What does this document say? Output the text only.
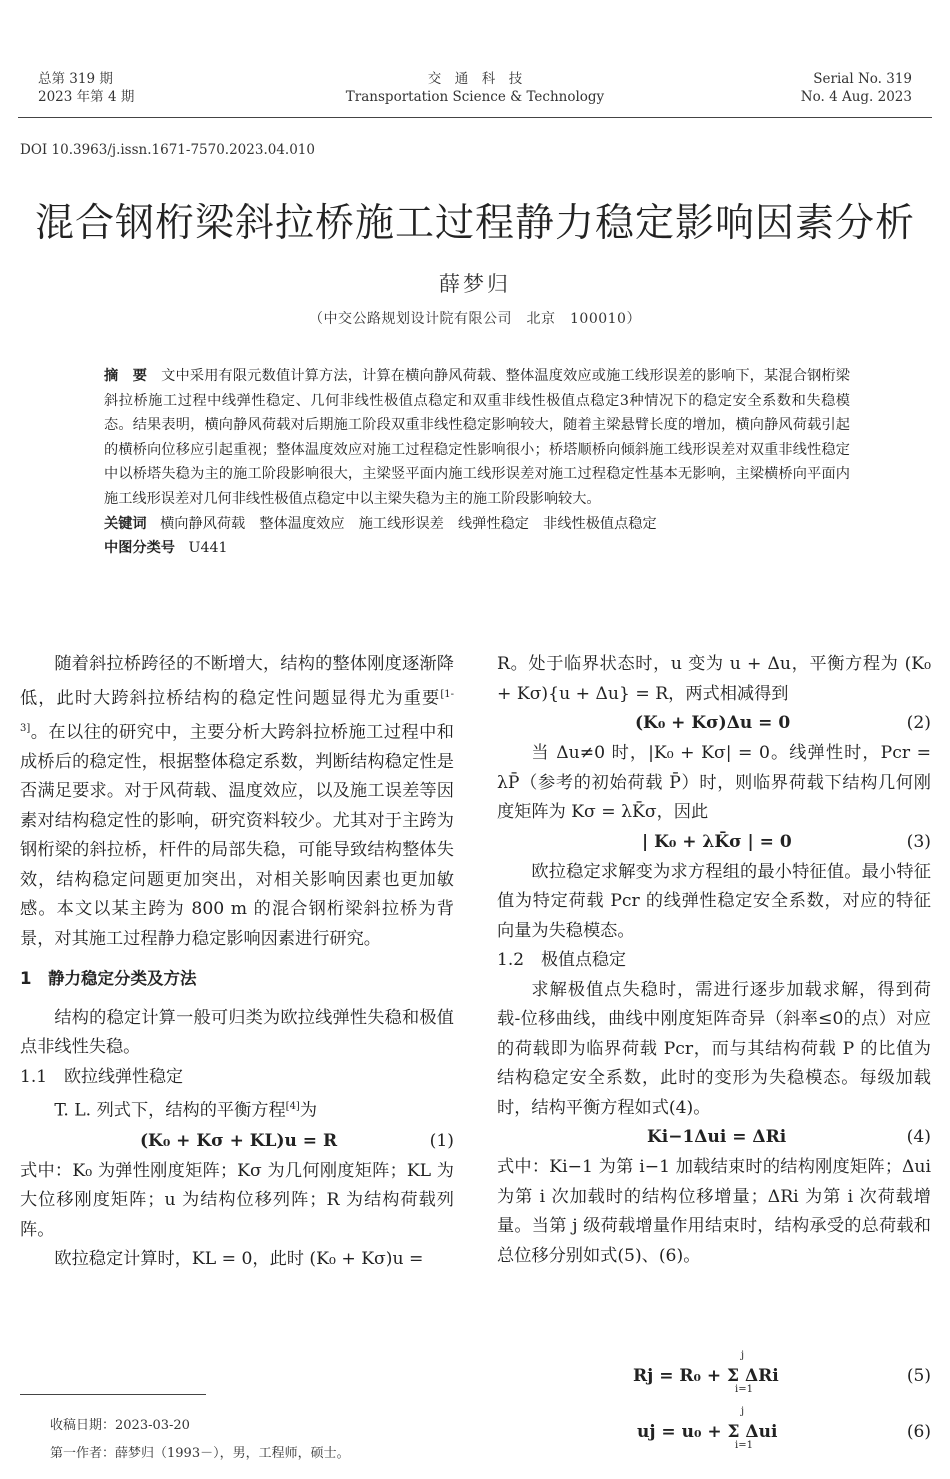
总第 319 期
2023 年第 4 期
交　通　科　技
Transportation Science & Technology
Serial No. 319
No. 4 Aug. 2023
DOI 10.3963/j.issn.1671-7570.2023.04.010
混合钢桁梁斜拉桥施工过程静力稳定影响因素分析
薛梦归
（中交公路规划设计院有限公司　北京　100010）
摘　要 文中采用有限元数值计算方法，计算在横向静风荷载、整体温度效应或施工线形误差的影响下，某混合钢桁梁斜拉桥施工过程中线弹性稳定、几何非线性极值点稳定和双重非线性极值点稳定3种情况下的稳定安全系数和失稳模态。结果表明，横向静风荷载对后期施工阶段双重非线性稳定影响较大，随着主梁悬臂长度的增加，横向静风荷载引起的横桥向位移应引起重视；整体温度效应对施工过程稳定性影响很小；桥塔顺桥向倾斜施工线形误差对双重非线性稳定中以桥塔失稳为主的施工阶段影响很大，主梁竖平面内施工线形误差对施工过程稳定性基本无影响，主梁横桥向平面内施工线形误差对几何非线性极值点稳定中以主梁失稳为主的施工阶段影响较大。
关键词 横向静风荷载　整体温度效应　施工线形误差　线弹性稳定　非线性极值点稳定
中图分类号 U441

随着斜拉桥跨径的不断增大，结构的整体刚度逐渐降低，此时大跨斜拉桥结构的稳定性问题显得尤为重要[1-3]。在以往的研究中，主要分析大跨斜拉桥施工过程中和成桥后的稳定性，根据整体稳定系数，判断结构稳定性是否满足要求。对于风荷载、温度效应，以及施工误差等因素对结构稳定性的影响，研究资料较少。尤其对于主跨为钢桁梁的斜拉桥，杆件的局部失稳，可能导致结构整体失效，结构稳定问题更加突出，对相关影响因素也更加敏感。本文以某主跨为 800 m 的混合钢桁梁斜拉桥为背景，对其施工过程静力稳定影响因素进行研究。

1　静力稳定分类及方法

结构的稳定计算一般可归类为欧拉线弹性失稳和极值点非线性失稳。

1.1　欧拉线弹性稳定

T. L. 列式下，结构的平衡方程[4]为

(K₀ + Kσ + KL)u = R	(1)

式中：K₀ 为弹性刚度矩阵；Kσ 为几何刚度矩阵；KL 为大位移刚度矩阵；u 为结构位移列阵；R 为结构荷载列阵。

欧拉稳定计算时，KL = 0，此时 (K₀ + Kσ)u =

R。处于临界状态时，u 变为 u + Δu，平衡方程为 (K₀ + Kσ){u + Δu} = R，两式相减得到

(K₀ + Kσ)Δu = 0	(2)

当 Δu≠0 时，|K₀ + Kσ| = 0。线弹性时，Pcr = λP̄（参考的初始荷载 P̄）时，则临界荷载下结构几何刚度矩阵为 Kσ = λK̄σ，因此

| K₀ + λK̄σ | = 0	(3)

欧拉稳定求解变为求方程组的最小特征值。最小特征值为特定荷载 Pcr 的线弹性稳定安全系数，对应的特征向量为失稳模态。

1.2　极值点稳定

求解极值点失稳时，需进行逐步加载求解，得到荷载-位移曲线，曲线中刚度矩阵奇异（斜率≤0的点）对应的荷载即为临界荷载 Pcr，而与其结构荷载 P 的比值为结构稳定安全系数，此时的变形为失稳模态。每级加载时，结构平衡方程如式(4)。

Ki−1Δui = ΔRi	(4)

式中：Ki−1 为第 i−1 加载结束时的结构刚度矩阵；Δui 为第 i 次加载时的结构位移增量；ΔRi 为第 i 次荷载增量。当第 j 级荷载增量作用结束时，结构承受的总荷载和总位移分别如式(5)、(6)。

Rj = R₀ + Σ ΔRi
j
i=1
(5)
uj = u₀ + Σ Δui
j
i=1
(6)
收稿日期：2023-03-20
第一作者：薛梦归（1993－），男，工程师，硕士。
